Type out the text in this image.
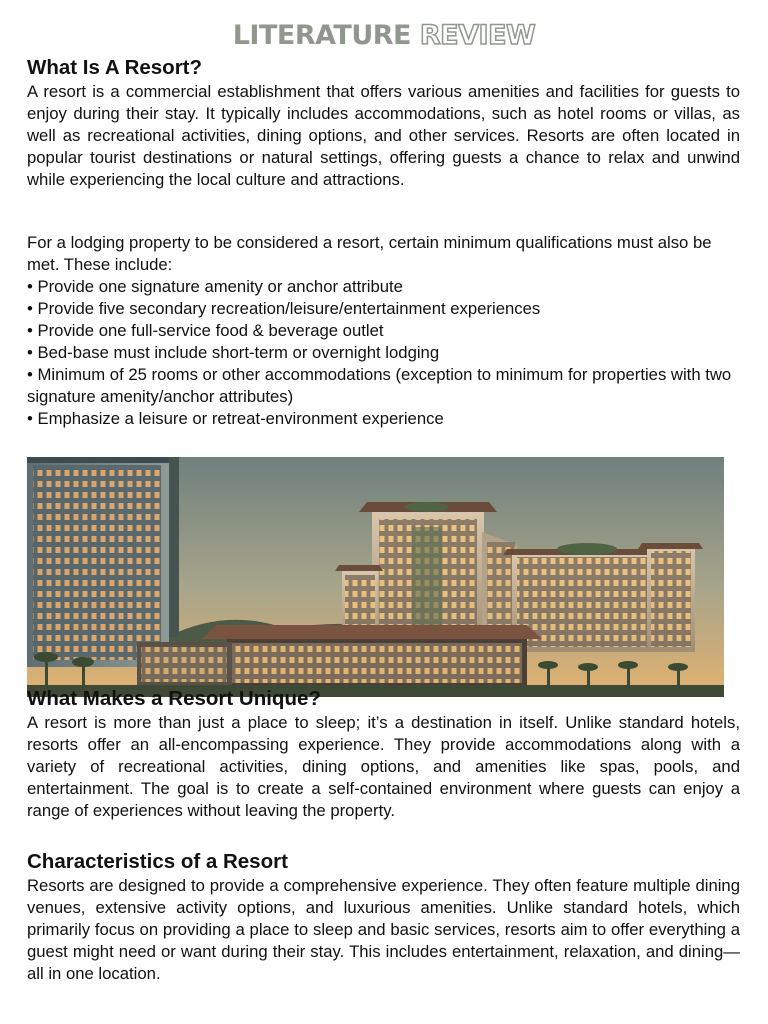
LITERATURE REVIEW
What Is A Resort?

A resort is a commercial establishment that offers various amenities and facilities for guests to enjoy during their stay. It typically includes accommodations, such as hotel rooms or villas, as well as recreational activities, dining options, and other services. Resorts are often located in popular tourist destinations or natural settings, offering guests a chance to relax and unwind while experiencing the local culture and attractions.

For a lodging property to be considered a resort, certain minimum qualifications must also be met. These include:

• Provide one signature amenity or anchor attribute
• Provide five secondary recreation/leisure/entertainment experiences
• Provide one full-service food & beverage outlet
• Bed-base must include short-term or overnight lodging
• Minimum of 25 rooms or other accommodations (exception to minimum for properties with two signature amenity/anchor attributes)
• Emphasize a leisure or retreat-environment experience
What Makes a Resort Unique?

A resort is more than just a place to sleep; it’s a destination in itself. Unlike standard hotels, resorts offer an all-encompassing experience. They provide accommodations along with a variety of recreational activities, dining options, and amenities like spas, pools, and entertainment. The goal is to create a self-contained environment where guests can enjoy a range of experiences without leaving the property.

Characteristics of a Resort

Resorts are designed to provide a comprehensive experience. They often feature multiple dining venues, extensive activity options, and luxurious amenities. Unlike standard hotels, which primarily focus on providing a place to sleep and basic services, resorts aim to offer everything a guest might need or want during their stay. This includes entertainment, relaxation, and dining—all in one location.
